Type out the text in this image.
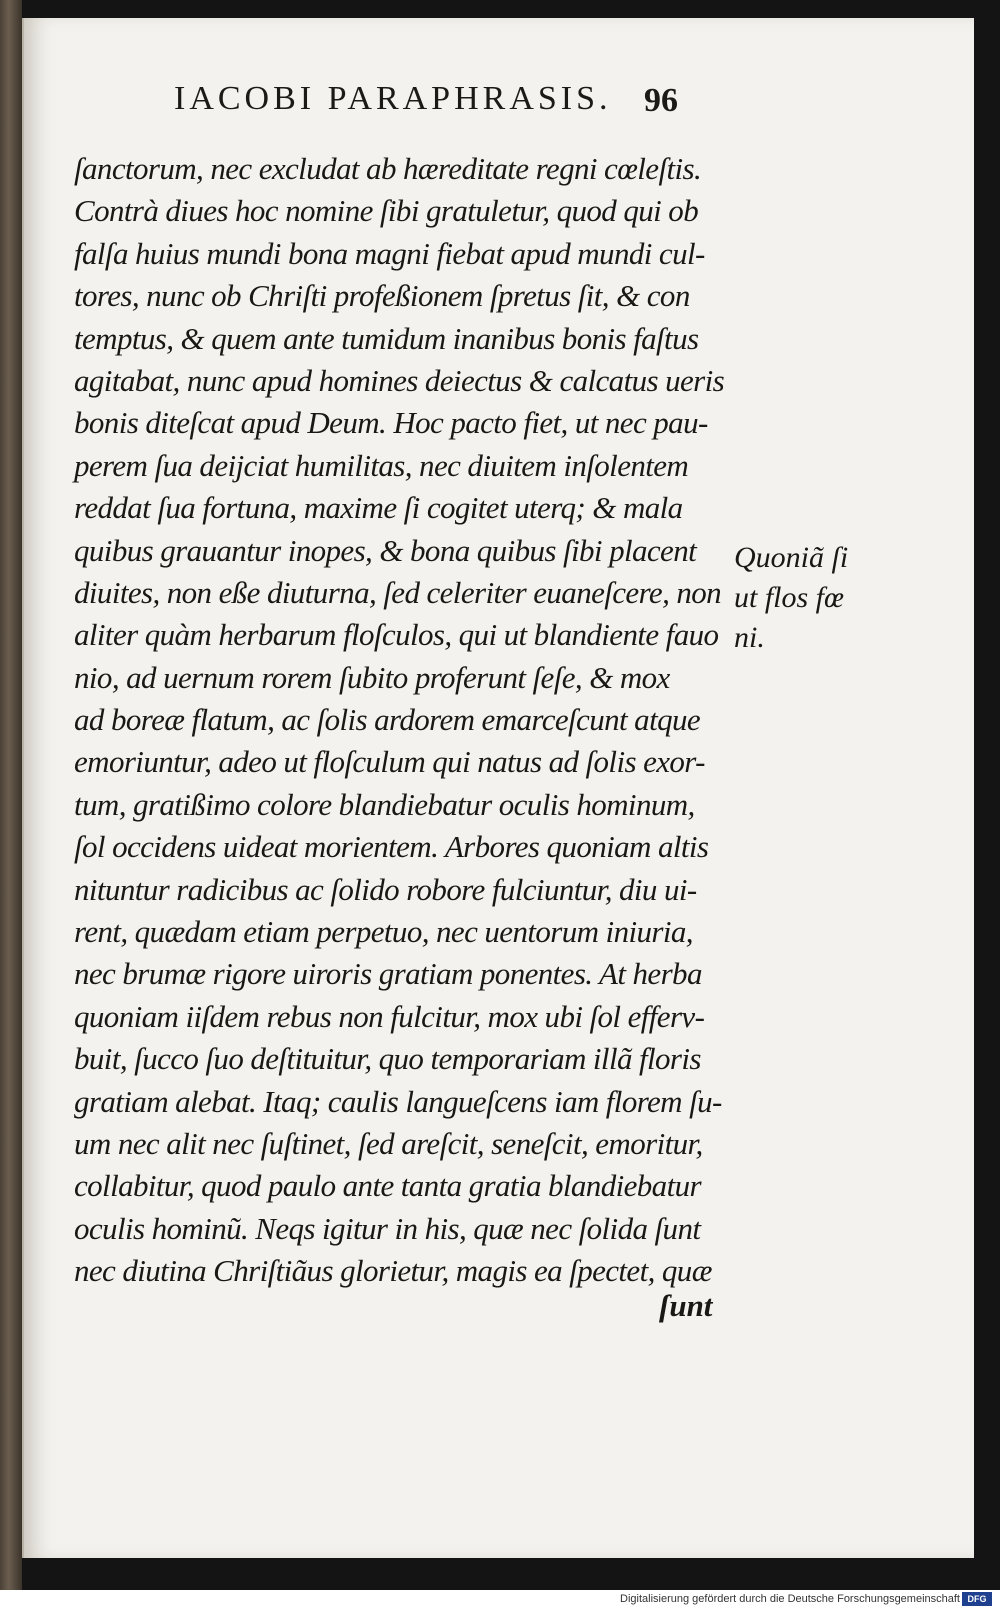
IACOBI PARAPHRASIS. 96
ſanctorum, nec excludat ab hæreditate regni cœleſtis.
Contrà diues hoc nomine ſibi gratuletur, quod qui ob
falſa huius mundi bona magni fiebat apud mundi cul-
tores, nunc ob Chriſti profeßionem ſpretus ſit, & con
temptus, & quem ante tumidum inanibus bonis faſtus
agitabat, nunc apud homines deiectus & calcatus ueris
bonis diteſcat apud Deum. Hoc pacto fiet, ut nec pau-
perem ſua deijciat humilitas, nec diuitem inſolentem
reddat ſua fortuna, maxime ſi cogitet uterq; & mala
quibus grauantur inopes, & bona quibus ſibi placent
diuites, non eße diuturna, ſed celeriter euaneſcere, non
aliter quàm herbarum floſculos, qui ut blandiente fauo
nio, ad uernum rorem ſubito proferunt ſeſe, & mox
ad boreæ flatum, ac ſolis ardorem emarceſcunt atque
emoriuntur, adeo ut floſculum qui natus ad ſolis exor-
tum, gratißimo colore blandiebatur oculis hominum,
ſol occidens uideat morientem. Arbores quoniam altis
nituntur radicibus ac ſolido robore fulciuntur, diu ui-
rent, quædam etiam perpetuo, nec uentorum iniuria,
nec brumæ rigore uiroris gratiam ponentes. At herba
quoniam iiſdem rebus non fulcitur, mox ubi ſol efferv-
buit, ſucco ſuo deſtituitur, quo temporariam illã floris
gratiam alebat. Itaq; caulis langueſcens iam florem ſu-
um nec alit nec ſuſtinet, ſed areſcit, seneſcit, emoritur,
collabitur, quod paulo ante tanta gratia blandiebatur
oculis hominũ. Neqs igitur in his, quæ nec ſolida ſunt
nec diutina Chriſtiãus glorietur, magis ea ſpectet, quæ
ſunt
Quoniã ſi
ut flos fœ
ni.
Digitalisierung gefördert durch die Deutsche Forschungsgemeinschaft DFG
